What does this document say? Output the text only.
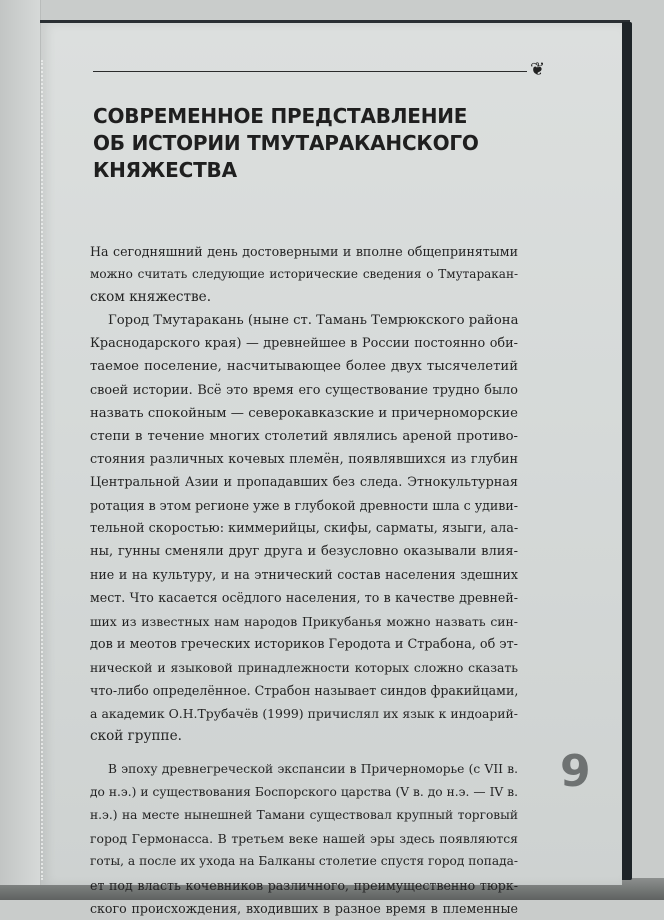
❦
СОВРЕМЕННОЕ ПРЕДСТАВЛЕНИЕ
ОБ ИСТОРИИ ТМУТАРАКАНСКОГО
КНЯЖЕСТВА
На сегодняшний день достоверными и вполне общепринятыми
можно считать следующие исторические сведения о Тмутаракан-
ском княжестве.
Город Тмутаракань (ныне ст. Тамань Темрюкского района
Краснодарского края) — древнейшее в России постоянно оби-
таемое поселение, насчитывающее более двух тысячелетий
своей истории. Всё это время его существование трудно было
назвать спокойным — северокавказские и причерноморские
степи в течение многих столетий являлись ареной противо-
стояния различных кочевых племён, появлявшихся из глубин
Центральной Азии и пропадавших без следа. Этнокультурная
ротация в этом регионе уже в глубокой древности шла с удиви-
тельной скоростью: киммерийцы, скифы, сарматы, языги, ала-
ны, гунны сменяли друг друга и безусловно оказывали влия-
ние и на культуру, и на этнический состав населения здешних
мест. Что касается осёдлого населения, то в качестве древней-
ших из известных нам народов Прикубанья можно назвать син-
дов и меотов греческих историков Геродота и Страбона, об эт-
нической и языковой принадлежности которых сложно сказать
что-либо определённое. Страбон называет синдов фракийцами,
а академик О.Н.Трубачёв (1999) причислял их язык к индоарий-
ской группе.
В эпоху древнегреческой экспансии в Причерноморье (с VII в.
до н.э.) и существования Боспорского царства (V в. до н.э. — IV в.
н.э.) на месте нынешней Тамани существовал крупный торговый
город Гермонасса. В третьем веке нашей эры здесь появляются
готы, а после их ухода на Балканы столетие спустя город попада-
ет под власть кочевников различного, преимущественно тюрк-
ского происхождения, входивших в разное время в племенные
9
